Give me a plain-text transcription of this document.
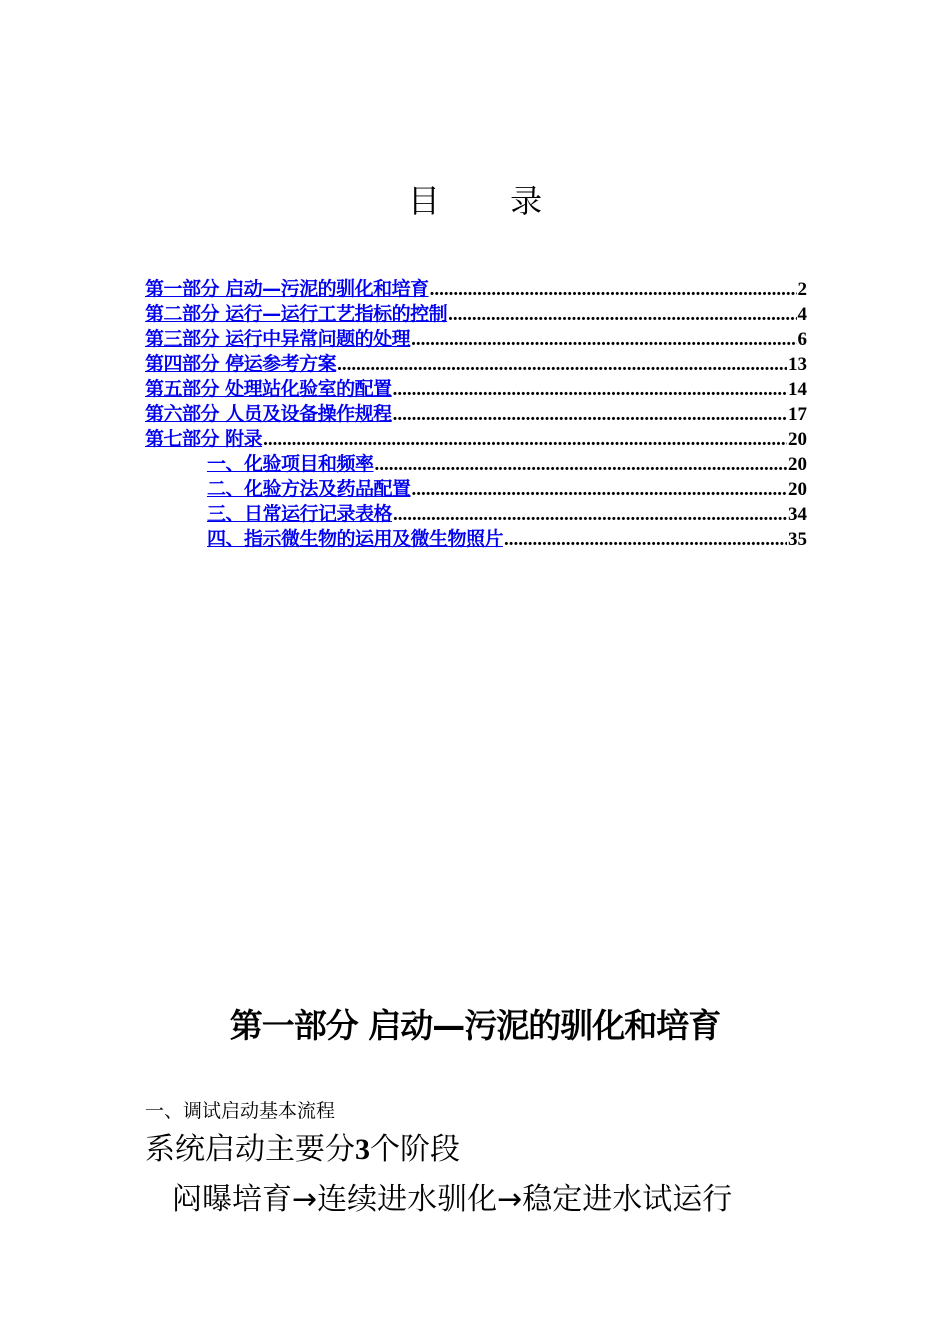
目 录
第一部分 启动—污泥的驯化和培育 .....	2
第二部分 运行—运行工艺指标的控制 .....	4
第三部分 运行中异常问题的处理 .....	6
第四部分 停运参考方案 .....	13
第五部分 处理站化验室的配置 .....	14
第六部分 人员及设备操作规程 .....	17
第七部分 附录 .....	20
一、化验项目和频率 .....	20
二、化验方法及药品配置 .....	20
三、日常运行记录表格 .....	34
四、指示微生物的运用及微生物照片 .....	35
第一部分 启动—污泥的驯化和培育
一、调试启动基本流程
系统启动主要分3个阶段
闷曝培育→连续进水驯化→稳定进水试运行
